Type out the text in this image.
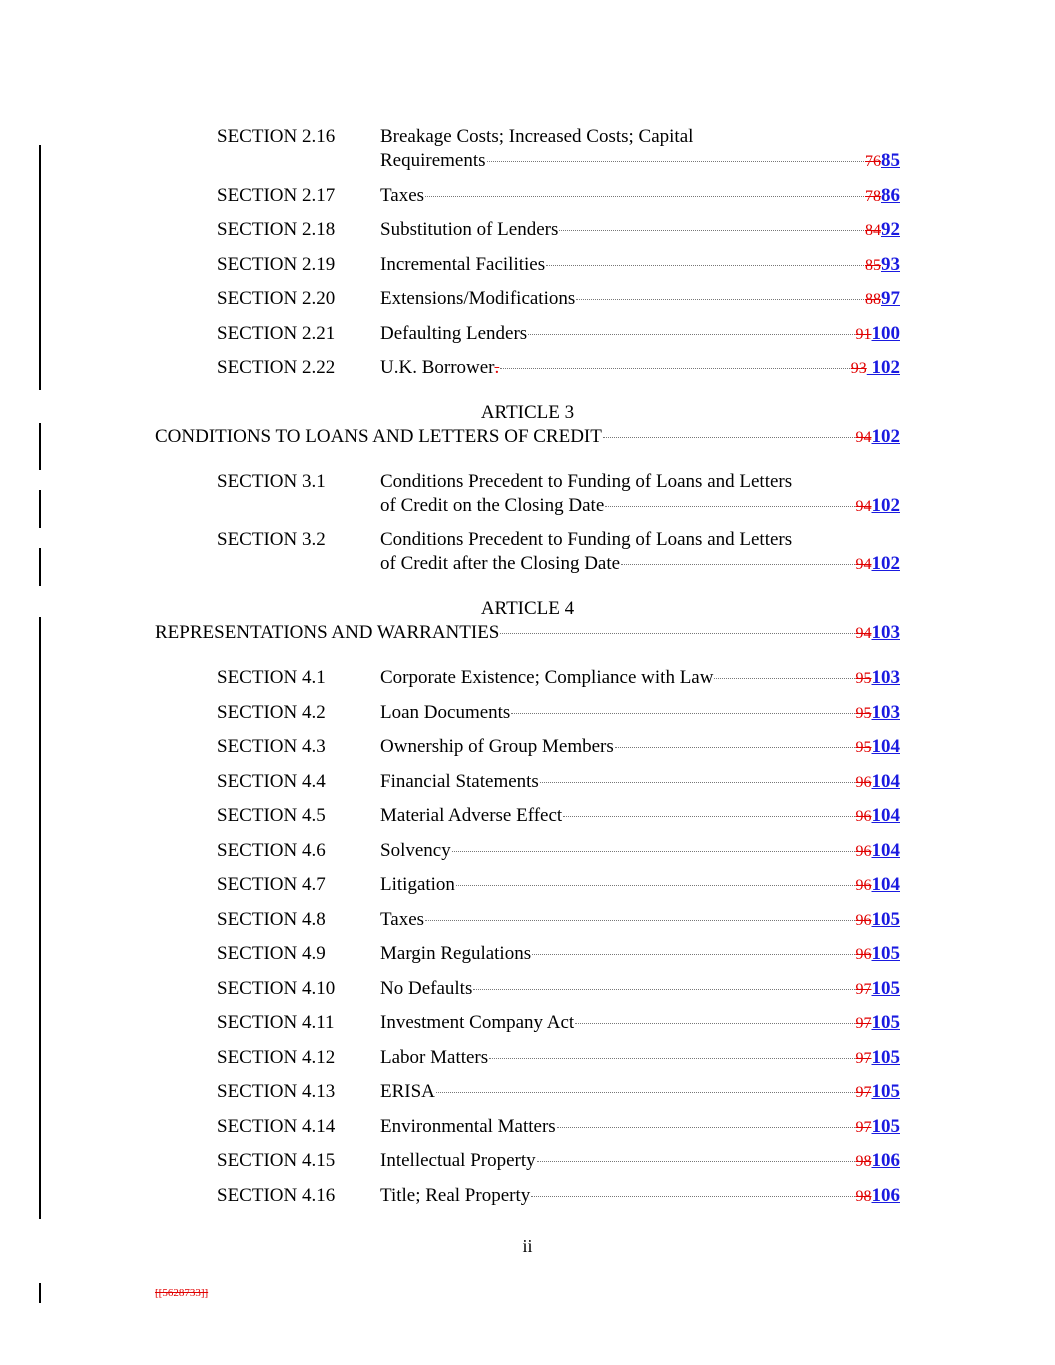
SECTION 2.16 Breakage Costs; Increased Costs; Capital
Requirements	76 85
SECTION 2.17 Taxes	78 86
SECTION 2.18 Substitution of Lenders	84 92
SECTION 2.19 Incremental Facilities	85 93
SECTION 2.20 Extensions/Modifications	88 97
SECTION 2.21 Defaulting Lenders	91 100
SECTION 2.22 U.K. Borrower .	93 102
ARTICLE 3
CONDITIONS TO LOANS AND LETTERS OF CREDIT	94 102
SECTION 3.1	Conditions Precedent to Funding of Loans and Letters
of Credit on the Closing Date	94 102
SECTION 3.2	Conditions Precedent to Funding of Loans and Letters
of Credit after the Closing Date	94 102
ARTICLE 4
REPRESENTATIONS AND WARRANTIES	94 103
SECTION 4.1	Corporate Existence; Compliance with Law	95 103
SECTION 4.2	Loan Documents	95 103
SECTION 4.3	Ownership of Group Members	95 104
SECTION 4.4	Financial Statements	96 104
SECTION 4.5	Material Adverse Effect	96 104
SECTION 4.6	Solvency	96 104
SECTION 4.7	Litigation	96 104
SECTION 4.8	Taxes	96 105
SECTION 4.9	Margin Regulations	96 105
SECTION 4.10 No Defaults	97 105
SECTION 4.11 Investment Company Act	97 105
SECTION 4.12 Labor Matters	97 105
SECTION 4.13 ERISA	97 105
SECTION 4.14 Environmental Matters	97 105
SECTION 4.15 Intellectual Property	98 106
SECTION 4.16 Title; Real Property	98 106
ii
[[5628733]]
